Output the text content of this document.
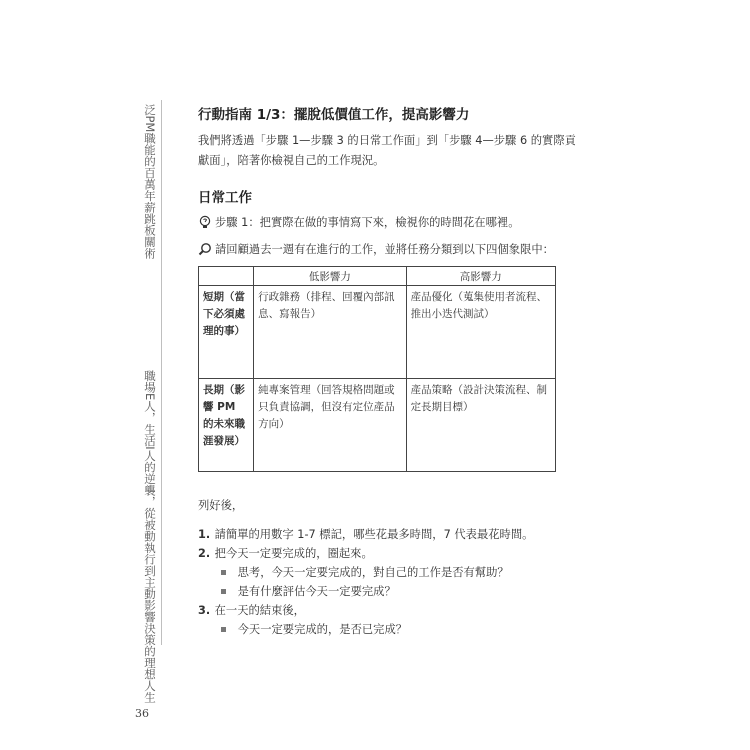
泛PM職能的百萬年薪跳板關術
職場E人，生活I人的逆襲，從被動執行到主動影響決策的理想人生
行動指南 1/3：擺脫低價值工作，提高影響力
我們將透過「步驟 1—步驟 3 的日常工作面」到「步驟 4—步驟 6 的實際貢獻面」，陪著你檢視自己的工作現況。
日常工作
步驟 1：把實際在做的事情寫下來，檢視你的時間花在哪裡。
請回顧過去一週有在進行的工作，並將任務分類到以下四個象限中：
	低影響力	高影響力
短期（當下必須處理的事）	行政雜務（排程、回覆內部訊息、寫報告）	產品優化（蒐集使用者流程、推出小迭代測試）
長期（影響 PM 的未來職涯發展）	純專案管理（回答規格問題或只負責協調，但沒有定位產品方向）	產品策略（設計決策流程、制定長期目標）
列好後，
1. 請簡單的用數字 1-7 標記，哪些花最多時間，7 代表最花時間。
2. 把今天一定要完成的，圈起來。
思考，今天一定要完成的，對自己的工作是否有幫助？
是有什麼評估今天一定要完成？
3. 在一天的結束後，
今天一定要完成的，是否已完成？
36
